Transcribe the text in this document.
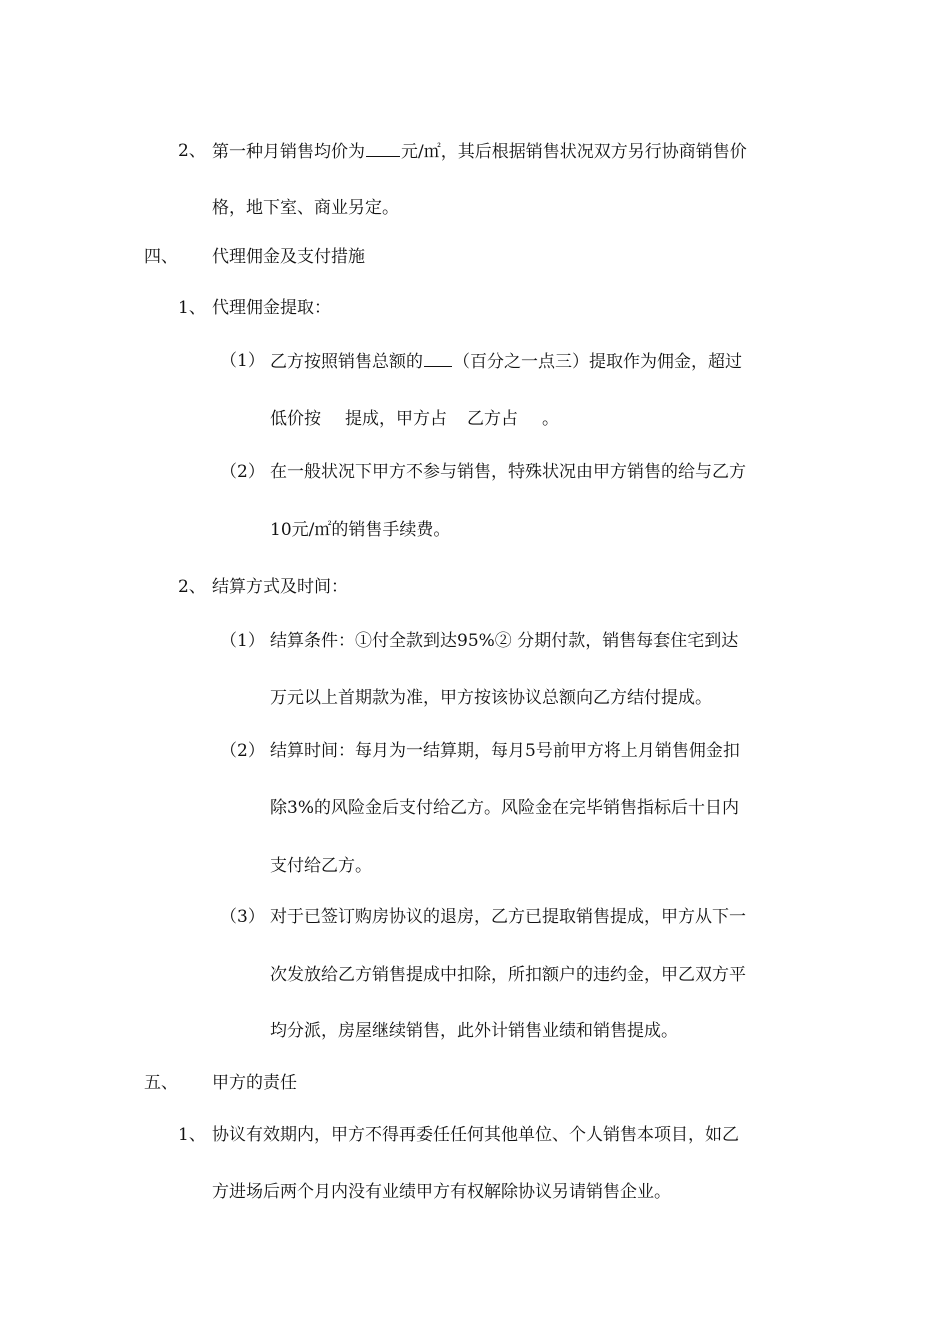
2、 第一种月销售均价为 元/㎡，其后根据销售状况双方另行协商销售价
格，地下室、商业另定。
四、 代理佣金及支付措施
1、 代理佣金提取：
（1） 乙方按照销售总额的 （百分之一点三）提取作为佣金，超过
低价按 提成，甲方占 乙方占 。
（2） 在一般状况下甲方不参与销售，特殊状况由甲方销售的给与乙方
10元/㎡的销售手续费。
2、 结算方式及时间：
（1） 结算条件：①付全款到达95%② 分期付款，销售每套住宅到达
万元以上首期款为准，甲方按该协议总额向乙方结付提成。
（2） 结算时间：每月为一结算期，每月5号前甲方将上月销售佣金扣
除3%的风险金后支付给乙方。风险金在完毕销售指标后十日内
支付给乙方。
（3） 对于已签订购房协议的退房，乙方已提取销售提成，甲方从下一
次发放给乙方销售提成中扣除，所扣额户的违约金，甲乙双方平
均分派，房屋继续销售，此外计销售业绩和销售提成。
五、 甲方的责任
1、 协议有效期内，甲方不得再委任任何其他单位、个人销售本项目，如乙
方进场后两个月内没有业绩甲方有权解除协议另请销售企业。
